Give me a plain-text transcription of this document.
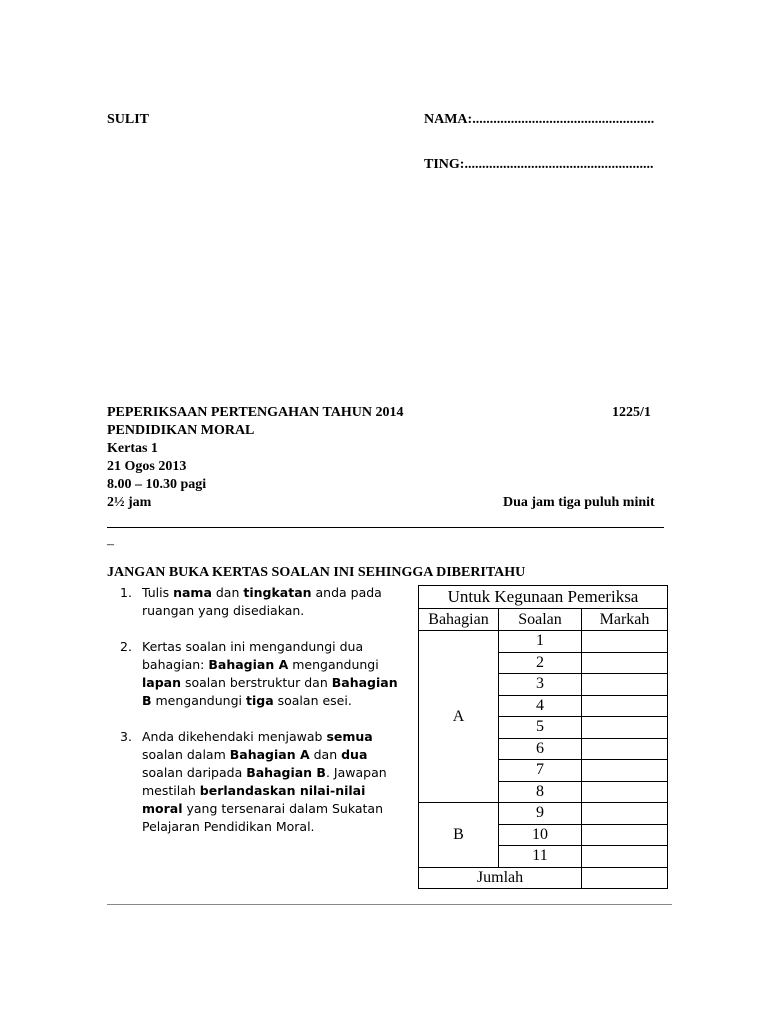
SULIT	NAMA:....................................................
TING:......................................................
PEPERIKSAAN PERTENGAHAN TAHUN 2014	1225/1
PENDIDIKAN MORAL
Kertas 1
21 Ogos 2013
8.00 – 10.30 pagi
2½ jam	Dua jam tiga puluh minit
–
JANGAN BUKA KERTAS SOALAN INI SEHINGGA DIBERITAHU
1. Tulis nama dan tingkatan anda pada ruangan yang disediakan.
2. Kertas soalan ini mengandungi dua bahagian: Bahagian A mengandungi lapan soalan berstruktur dan Bahagian B mengandungi tiga soalan esei.
3. Anda dikehendaki menjawab semua soalan dalam Bahagian A dan dua soalan daripada Bahagian B. Jawapan mestilah berlandaskan nilai-nilai moral yang tersenarai dalam Sukatan Pelajaran Pendidikan Moral.
Untuk Kegunaan Pemeriksa		
Bahagian	Soalan	Markah
A	1	
	2	
	3	
	4	
	5	
	6	
	7	
	8	
B	9	
	10	
	11	
Jumlah		
